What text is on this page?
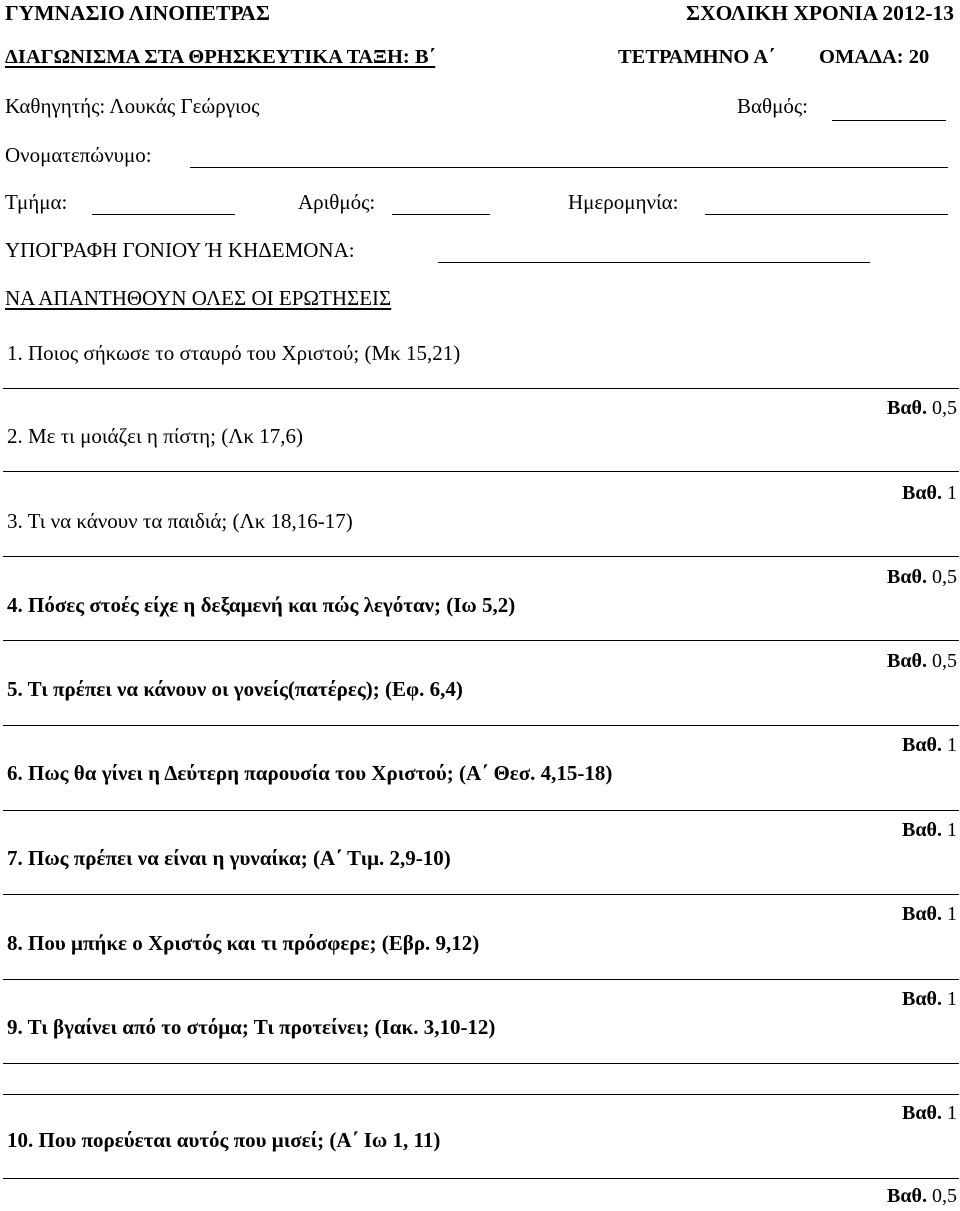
ΓΥΜΝΑΣΙΟ ΛΙΝΟΠΕΤΡΑΣ	ΣΧΟΛΙΚΗ ΧΡΟΝΙΑ 2012-13
ΔΙΑΓΩΝΙΣΜΑ ΣΤΑ ΘΡΗΣΚΕΥΤΙΚΑ ΤΑΞΗ: Β΄	ΤΕΤΡΑΜΗΝΟ Α΄ ΟΜΑΔΑ: 20
Καθηγητής: Λουκάς Γεώργιος	Βαθμός:
Ονοματεπώνυμο:
Τμήμα:	Αριθμός:	Ημερομηνία:
ΥΠΟΓΡΑΦΗ ΓΟΝΙΟΥ Ή ΚΗΔΕΜΟΝΑ:
ΝΑ ΑΠΑΝΤΗΘΟΥΝ ΟΛΕΣ ΟΙ ΕΡΩΤΗΣΕΙΣ
1. Ποιος σήκωσε το σταυρό του Χριστού; (Μκ 15,21)
Βαθ. 0,5
2. Με τι μοιάζει η πίστη; (Λκ 17,6)
Βαθ. 1
3. Τι να κάνουν τα παιδιά; (Λκ 18,16-17)
Βαθ. 0,5
4. Πόσες στοές είχε η δεξαμενή και πώς λεγόταν; (Ιω 5,2)
Βαθ. 0,5
5. Τι πρέπει να κάνουν οι γονείς(πατέρες); (Εφ. 6,4)
Βαθ. 1
6. Πως θα γίνει η Δεύτερη παρουσία του Χριστού; (Α΄ Θεσ. 4,15-18)
Βαθ. 1
7. Πως πρέπει να είναι η γυναίκα; (Α΄ Τιμ. 2,9-10)
Βαθ. 1
8. Που μπήκε ο Χριστός και τι πρόσφερε; (Εβρ. 9,12)
Βαθ. 1
9. Τι βγαίνει από το στόμα; Τι προτείνει; (Ιακ. 3,10-12)
Βαθ. 1
10. Που πορεύεται αυτός που μισεί; (Α΄ Ιω 1, 11)
Βαθ. 0,5
